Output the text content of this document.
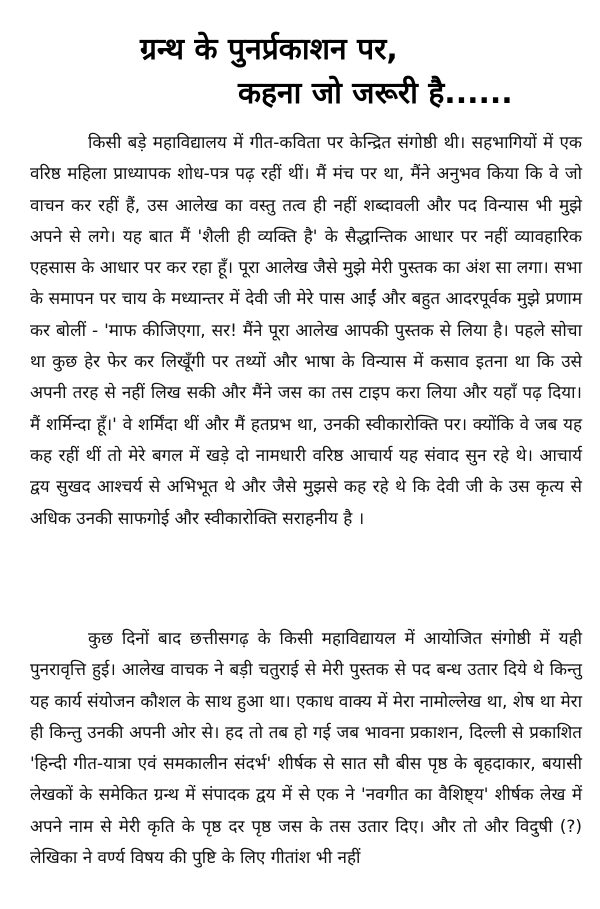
ग्रन्थ के पुनर्प्रकाशन पर,
कहना जो जरूरी है......
किसी बड़े महाविद्यालय में गीत-कविता पर केन्द्रित संगोष्ठी थी। सहभागियों में एक वरिष्ठ महिला प्राध्यापक शोध-पत्र पढ़ रहीं थीं। मैं मंच पर था, मैंने अनुभव किया कि वे जो वाचन कर रहीं हैं, उस आलेख का वस्तु तत्व ही नहीं शब्दावली और पद विन्यास भी मुझे अपने से लगे। यह बात मैं 'शैली ही व्यक्ति है' के सैद्धान्तिक आधार पर नहीं व्यावहारिक एहसास के आधार पर कर रहा हूँ। पूरा आलेख जैसे मुझे मेरी पुस्तक का अंश सा लगा। सभा के समापन पर चाय के मध्यान्तर में देवी जी मेरे पास आईं और बहुत आदरपूर्वक मुझे प्रणाम कर बोलीं - 'माफ कीजिएगा, सर! मैंने पूरा आलेख आपकी पुस्तक से लिया है। पहले सोचा था कुछ हेर फेर कर लिखूँगी पर तथ्यों और भाषा के विन्यास में कसाव इतना था कि उसे अपनी तरह से नहीं लिख सकी और मैंने जस का तस टाइप करा लिया और यहाँ पढ़ दिया। मैं शर्मिन्दा हूँ।' वे शर्मिंदा थीं और मैं हतप्रभ था, उनकी स्वीकारोक्ति पर। क्योंकि वे जब यह कह रहीं थीं तो मेरे बगल में खड़े दो नामधारी वरिष्ठ आचार्य यह संवाद सुन रहे थे। आचार्य द्वय सुखद आश्चर्य से अभिभूत थे और जैसे मुझसे कह रहे थे कि देवी जी के उस कृत्य से अधिक उनकी साफगोई और स्वीकारोक्ति सराहनीय है ।
कुछ दिनों बाद छत्तीसगढ़ के किसी महाविद्यायल में आयोजित संगोष्ठी में यही पुनरावृत्ति हुई। आलेख वाचक ने बड़ी चतुराई से मेरी पुस्तक से पद बन्ध उतार दिये थे किन्तु यह कार्य संयोजन कौशल के साथ हुआ था। एकाध वाक्य में मेरा नामोल्लेख था, शेष था मेरा ही किन्तु उनकी अपनी ओर से। हद तो तब हो गई जब भावना प्रकाशन, दिल्ली से प्रकाशित 'हिन्दी गीत-यात्रा एवं समकालीन संदर्भ' शीर्षक से सात सौ बीस पृष्ठ के बृहदाकार, बयासी लेखकों के समेकित ग्रन्थ में संपादक द्वय में से एक ने 'नवगीत का वैशिष्ट्य' शीर्षक लेख में अपने नाम से मेरी कृति के पृष्ठ दर पृष्ठ जस के तस उतार दिए। और तो और विदुषी (?) लेखिका ने वर्ण्य विषय की पुष्टि के लिए गीतांश भी नहीं
